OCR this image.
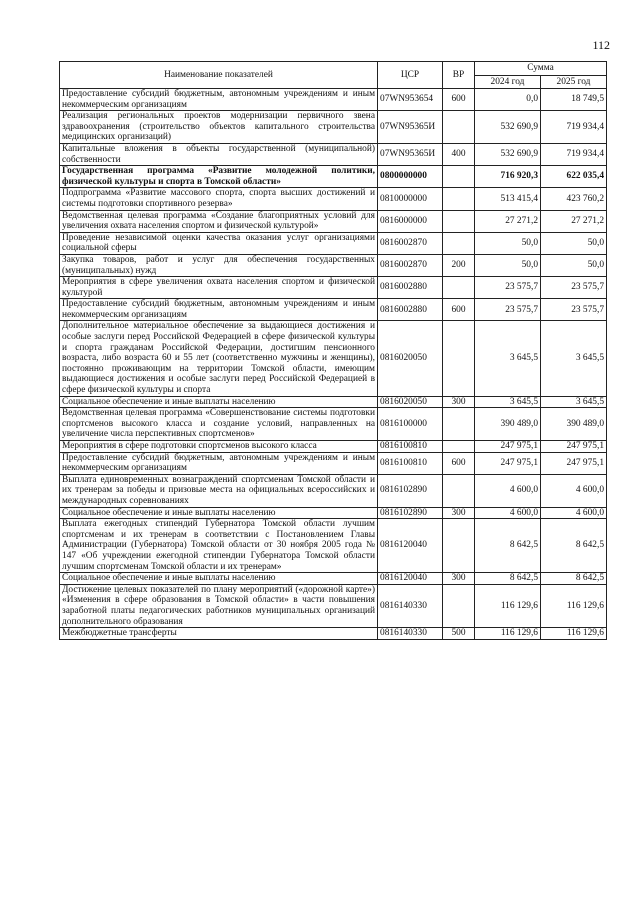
112
Наименование показателей	ЦСР	ВР	Сумма	
			2024 год	2025 год
Предоставление субсидий бюджетным, автономным учреждениям и иным некоммерческим организациям	07WN953654	600	0,0	18 749,5
Реализация региональных проектов модернизации первичного звена здравоохранения (строительство объектов капитального строительства медицинских организаций)	07WN95365И		532 690,9	719 934,4
Капитальные вложения в объекты государственной (муниципальной) собственности	07WN95365И	400	532 690,9	719 934,4
Государственная программа «Развитие молодежной политики, физической культуры и спорта в Томской области»	0800000000		716 920,3	622 035,4
Подпрограмма «Развитие массового спорта, спорта высших достижений и системы подготовки спортивного резерва»	0810000000		513 415,4	423 760,2
Ведомственная целевая программа «Создание благоприятных условий для увеличения охвата населения спортом и физической культурой»	0816000000		27 271,2	27 271,2
Проведение независимой оценки качества оказания услуг организациями социальной сферы	0816002870		50,0	50,0
Закупка товаров, работ и услуг для обеспечения государственных (муниципальных) нужд	0816002870	200	50,0	50,0
Мероприятия в сфере увеличения охвата населения спортом и физической культурой	0816002880		23 575,7	23 575,7
Предоставление субсидий бюджетным, автономным учреждениям и иным некоммерческим организациям	0816002880	600	23 575,7	23 575,7
Дополнительное материальное обеспечение за выдающиеся достижения и особые заслуги перед Российской Федерацией в сфере физической культуры и спорта гражданам Российской Федерации, достигшим пенсионного возраста, либо возраста 60 и 55 лет (соответственно мужчины и женщины), постоянно проживающим на территории Томской области, имеющим выдающиеся достижения и особые заслуги перед Российской Федерацией в сфере физической культуры и спорта	0816020050		3 645,5	3 645,5
Социальное обеспечение и иные выплаты населению	0816020050	300	3 645,5	3 645,5
Ведомственная целевая программа «Совершенствование системы подготовки спортсменов высокого класса и создание условий, направленных на увеличение числа перспективных спортсменов»	0816100000		390 489,0	390 489,0
Мероприятия в сфере подготовки спортсменов высокого класса	0816100810		247 975,1	247 975,1
Предоставление субсидий бюджетным, автономным учреждениям и иным некоммерческим организациям	0816100810	600	247 975,1	247 975,1
Выплата единовременных вознаграждений спортсменам Томской области и их тренерам за победы и призовые места на официальных всероссийских и международных соревнованиях	0816102890		4 600,0	4 600,0
Социальное обеспечение и иные выплаты населению	0816102890	300	4 600,0	4 600,0
Выплата ежегодных стипендий Губернатора Томской области лучшим спортсменам и их тренерам в соответствии с Постановлением Главы Администрации (Губернатора) Томской области от 30 ноября 2005 года № 147 «Об учреждении ежегодной стипендии Губернатора Томской области лучшим спортсменам Томской области и их тренерам»	0816120040		8 642,5	8 642,5
Социальное обеспечение и иные выплаты населению	0816120040	300	8 642,5	8 642,5
Достижение целевых показателей по плану мероприятий («дорожной карте») «Изменения в сфере образования в Томской области» в части повышения заработной платы педагогических работников муниципальных организаций дополнительного образования	0816140330		116 129,6	116 129,6
Межбюджетные трансферты	0816140330	500	116 129,6	116 129,6
